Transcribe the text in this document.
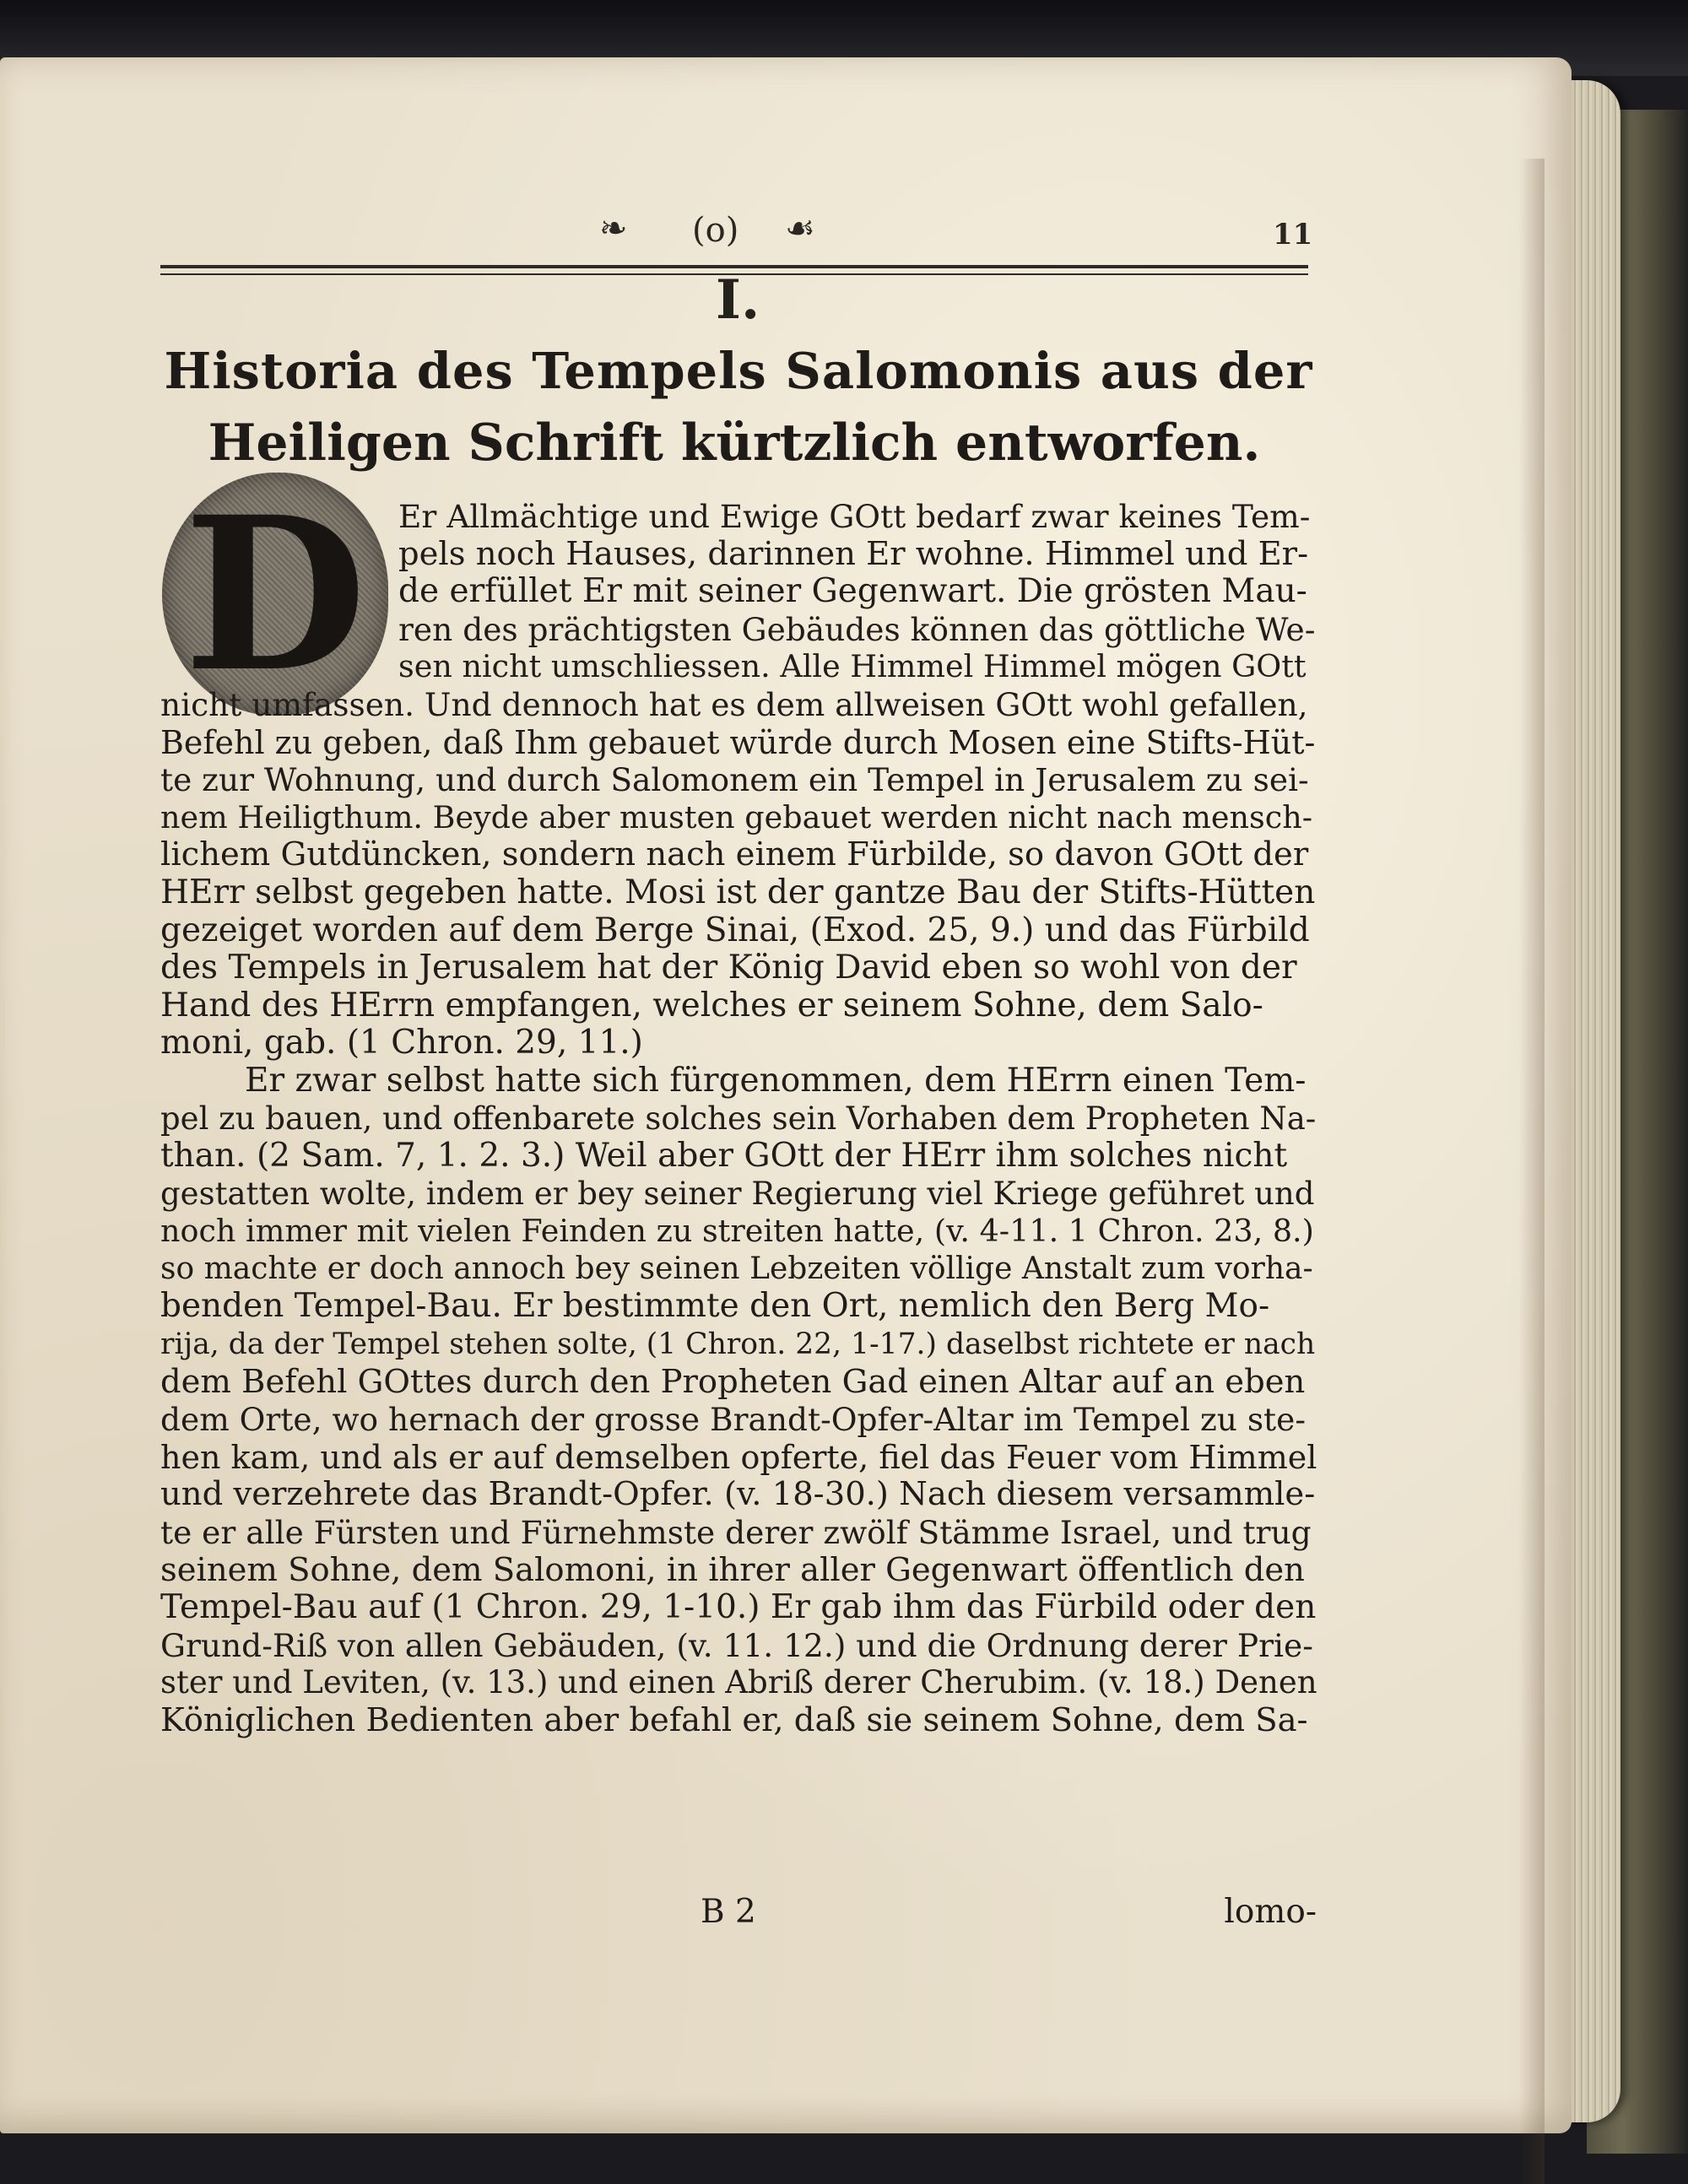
❧ (o) ☙	11
I.
Historia des Tempels Salomonis aus der
Heiligen Schrift kürtzlich entworfen.
D	Er Allmächtige und Ewige GOtt bedarf zwar keines Tem-
pels noch Hauses, darinnen Er wohne. Himmel und Er-
de erfüllet Er mit seiner Gegenwart. Die grösten Mau-
ren des prächtigsten Gebäudes können das göttliche We-
sen nicht umschliessen. Alle Himmel Himmel mögen GOtt
nicht umfassen. Und dennoch hat es dem allweisen GOtt wohl gefallen,
Befehl zu geben, daß Ihm gebauet würde durch Mosen eine Stifts-Hüt-
te zur Wohnung, und durch Salomonem ein Tempel in Jerusalem zu sei-
nem Heiligthum. Beyde aber musten gebauet werden nicht nach mensch-
lichem Gutdüncken, sondern nach einem Fürbilde, so davon GOtt der
HErr selbst gegeben hatte. Mosi ist der gantze Bau der Stifts-Hütten
gezeiget worden auf dem Berge Sinai, (Exod. 25, 9.) und das Fürbild
des Tempels in Jerusalem hat der König David eben so wohl von der
Hand des HErrn empfangen, welches er seinem Sohne, dem Salo-
moni, gab. (1 Chron. 29, 11.)
Er zwar selbst hatte sich fürgenommen, dem HErrn einen Tem-
pel zu bauen, und offenbarete solches sein Vorhaben dem Propheten Na-
than. (2 Sam. 7, 1. 2. 3.) Weil aber GOtt der HErr ihm solches nicht
gestatten wolte, indem er bey seiner Regierung viel Kriege geführet und
noch immer mit vielen Feinden zu streiten hatte, (v. 4-11. 1 Chron. 23, 8.)
so machte er doch annoch bey seinen Lebzeiten völlige Anstalt zum vorha-
benden Tempel-Bau. Er bestimmte den Ort, nemlich den Berg Mo-
rija, da der Tempel stehen solte, (1 Chron. 22, 1-17.) daselbst richtete er nach
dem Befehl GOttes durch den Propheten Gad einen Altar auf an eben
dem Orte, wo hernach der grosse Brandt-Opfer-Altar im Tempel zu ste-
hen kam, und als er auf demselben opferte, fiel das Feuer vom Himmel
und verzehrete das Brandt-Opfer. (v. 18-30.) Nach diesem versammle-
te er alle Fürsten und Fürnehmste derer zwölf Stämme Israel, und trug
seinem Sohne, dem Salomoni, in ihrer aller Gegenwart öffentlich den
Tempel-Bau auf (1 Chron. 29, 1-10.) Er gab ihm das Fürbild oder den
Grund-Riß von allen Gebäuden, (v. 11. 12.) und die Ordnung derer Prie-
ster und Leviten, (v. 13.) und einen Abriß derer Cherubim. (v. 18.) Denen
Königlichen Bedienten aber befahl er, daß sie seinem Sohne, dem Sa-
B 2	lomo-
